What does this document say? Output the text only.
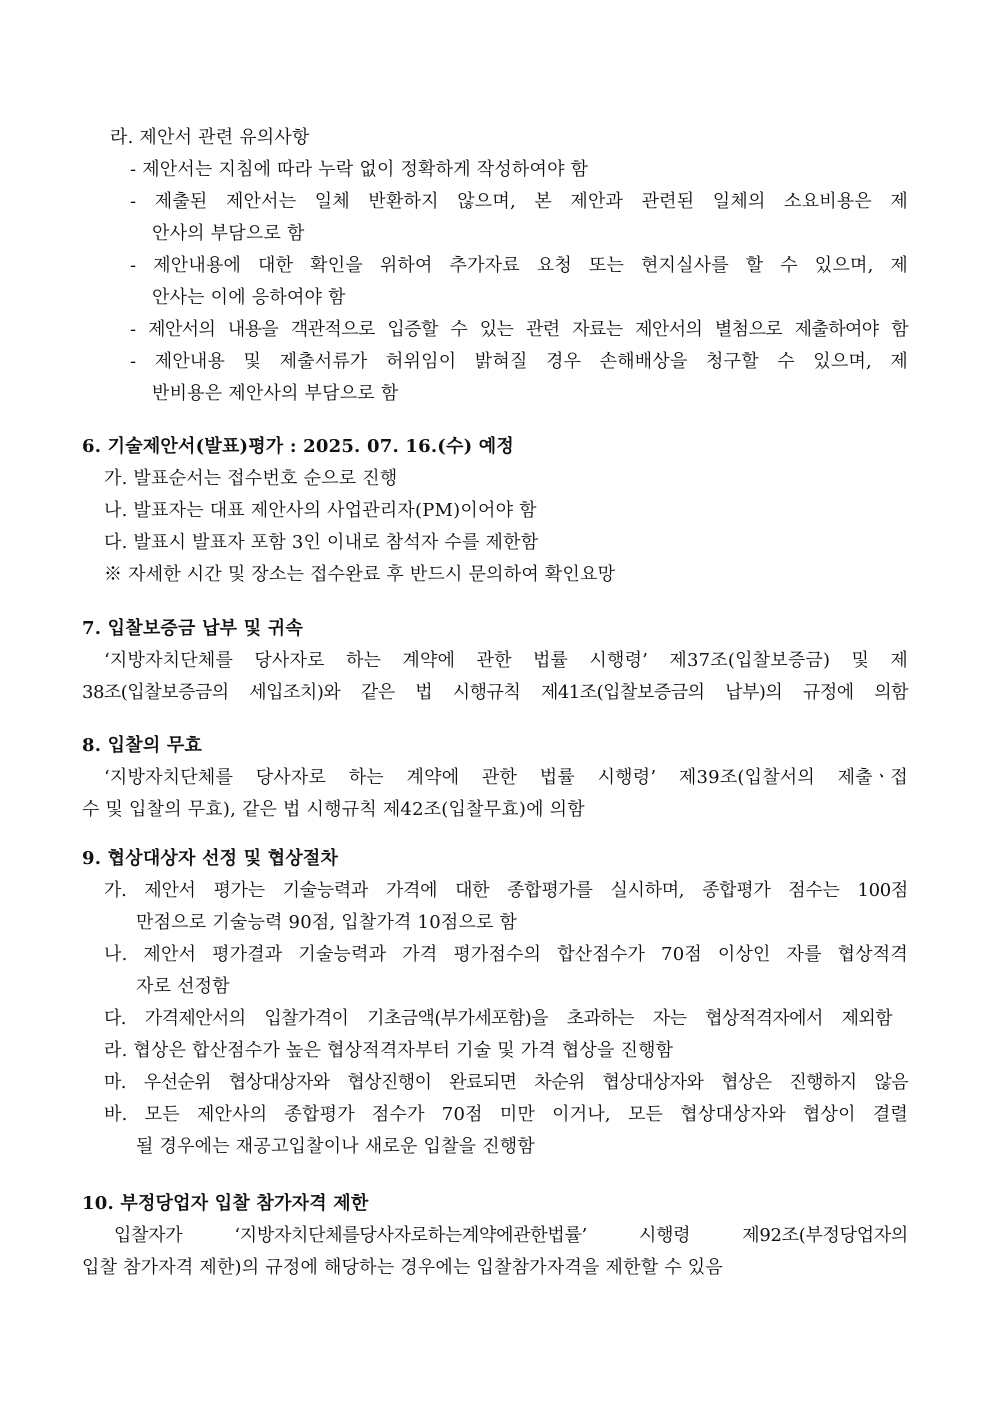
라. 제안서 관련 유의사항
- 제안서는 지침에 따라 누락 없이 정확하게 작성하여야 함
- 제출된 제안서는 일체 반환하지 않으며, 본 제안과 관련된 일체의 소요비용은 제
안사의 부담으로 함
- 제안내용에 대한 확인을 위하여 추가자료 요청 또는 현지실사를 할 수 있으며, 제
안사는 이에 응하여야 함
- 제안서의 내용을 객관적으로 입증할 수 있는 관련 자료는 제안서의 별첨으로 제출하여야 함
- 제안내용 및 제출서류가 허위임이 밝혀질 경우 손해배상을 청구할 수 있으며, 제
반비용은 제안사의 부담으로 함
6. 기술제안서(발표)평가 : 2025. 07. 16.(수) 예정
가. 발표순서는 접수번호 순으로 진행
나. 발표자는 대표 제안사의 사업관리자(PM)이어야 함
다. 발표시 발표자 포함 3인 이내로 참석자 수를 제한함
※ 자세한 시간 및 장소는 접수완료 후 반드시 문의하여 확인요망
7. 입찰보증금 납부 및 귀속
‘지방자치단체를 당사자로 하는 계약에 관한 법률 시행령’ 제37조(입찰보증금) 및 제
38조(입찰보증금의 세입조치)와 같은 법 시행규칙 제41조(입찰보증금의 납부)의 규정에 의함
8. 입찰의 무효
‘지방자치단체를 당사자로 하는 계약에 관한 법률 시행령’ 제39조(입찰서의 제출ㆍ접
수 및 입찰의 무효), 같은 법 시행규칙 제42조(입찰무효)에 의함
9. 협상대상자 선정 및 협상절차
가. 제안서 평가는 기술능력과 가격에 대한 종합평가를 실시하며, 종합평가 점수는 100점
만점으로 기술능력 90점, 입찰가격 10점으로 함
나. 제안서 평가결과 기술능력과 가격 평가점수의 합산점수가 70점 이상인 자를 협상적격
자로 선정함
다. 가격제안서의 입찰가격이 기초금액(부가세포함)을 초과하는 자는 협상적격자에서 제외함
라. 협상은 합산점수가 높은 협상적격자부터 기술 및 가격 협상을 진행함
마. 우선순위 협상대상자와 협상진행이 완료되면 차순위 협상대상자와 협상은 진행하지 않음
바. 모든 제안사의 종합평가 점수가 70점 미만 이거나, 모든 협상대상자와 협상이 결렬
될 경우에는 재공고입찰이나 새로운 입찰을 진행함
10. 부정당업자 입찰 참가자격 제한
입찰자가 ‘지방자치단체를당사자로하는계약에관한법률’ 시행령 제92조(부정당업자의
입찰 참가자격 제한)의 규정에 해당하는 경우에는 입찰참가자격을 제한할 수 있음
